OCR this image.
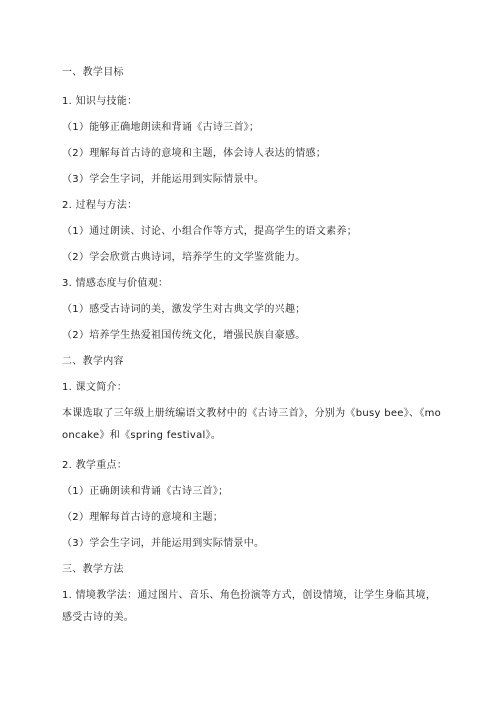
一、教学目标
1. 知识与技能：
（1）能够正确地朗读和背诵《古诗三首》；
（2）理解每首古诗的意境和主题，体会诗人表达的情感；
（3）学会生字词，并能运用到实际情景中。
2. 过程与方法：
（1）通过朗读、讨论、小组合作等方式，提高学生的语文素养；
（2）学会欣赏古典诗词，培养学生的文学鉴赏能力。
3. 情感态度与价值观：
（1）感受古诗词的美，激发学生对古典文学的兴趣；
（2）培养学生热爱祖国传统文化，增强民族自豪感。
二、教学内容
1. 课文简介：
本课选取了三年级上册统编语文教材中的《古诗三首》，分别为《busy bee》、《mooncake》和《spring festival》。
2. 教学重点：
（1）正确朗读和背诵《古诗三首》；
（2）理解每首古诗的意境和主题；
（3）学会生字词，并能运用到实际情景中。
三、教学方法
1. 情境教学法：通过图片、音乐、角色扮演等方式，创设情境，让学生身临其境，感受古诗的美。
